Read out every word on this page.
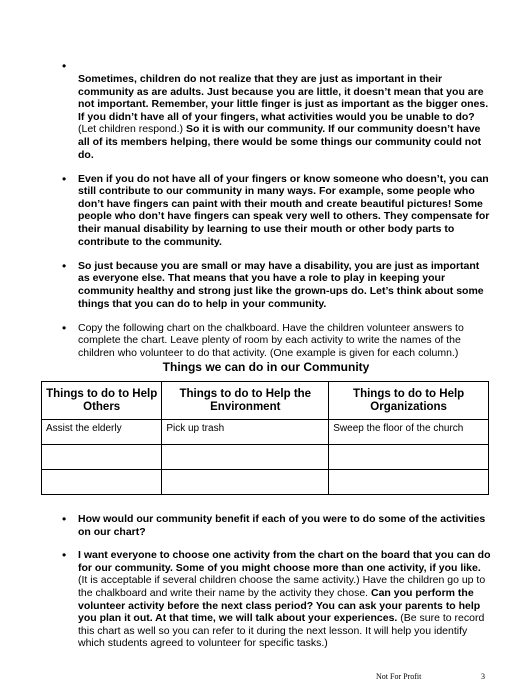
•
Sometimes, children do not realize that they are just as important in their community as are adults. Just because you are little, it doesn’t mean that you are not important. Remember, your little finger is just as important as the bigger ones. If you didn’t have all of your fingers, what activities would you be unable to do? (Let children respond.) So it is with our community. If our community doesn’t have all of its members helping, there would be some things our community could not do.
• Even if you do not have all of your fingers or know someone who doesn’t, you can still contribute to our community in many ways. For example, some people who don’t have fingers can paint with their mouth and create beautiful pictures! Some people who don’t have fingers can speak very well to others. They compensate for their manual disability by learning to use their mouth or other body parts to contribute to the community.
• So just because you are small or may have a disability, you are just as important as everyone else. That means that you have a role to play in keeping your community healthy and strong just like the grown-ups do. Let’s think about some things that you can do to help in your community.
• Copy the following chart on the chalkboard. Have the children volunteer answers to complete the chart. Leave plenty of room by each activity to write the names of the children who volunteer to do that activity. (One example is given for each column.)
Things we can do in our Community
Things to do to Help Others	Things to do to Help the Environment	Things to do to Help Organizations
Assist the elderly	Pick up trash	Sweep the floor of the church

• How would our community benefit if each of you were to do some of the activities on our chart?
• I want everyone to choose one activity from the chart on the board that you can do for our community. Some of you might choose more than one activity, if you like. (It is acceptable if several children choose the same activity.) Have the children go up to the chalkboard and write their name by the activity they chose. Can you perform the volunteer activity before the next class period? You can ask your parents to help you plan it out. At that time, we will talk about your experiences. (Be sure to record this chart as well so you can refer to it during the next lesson. It will help you identify which students agreed to volunteer for specific tasks.)
Not For Profit	3
